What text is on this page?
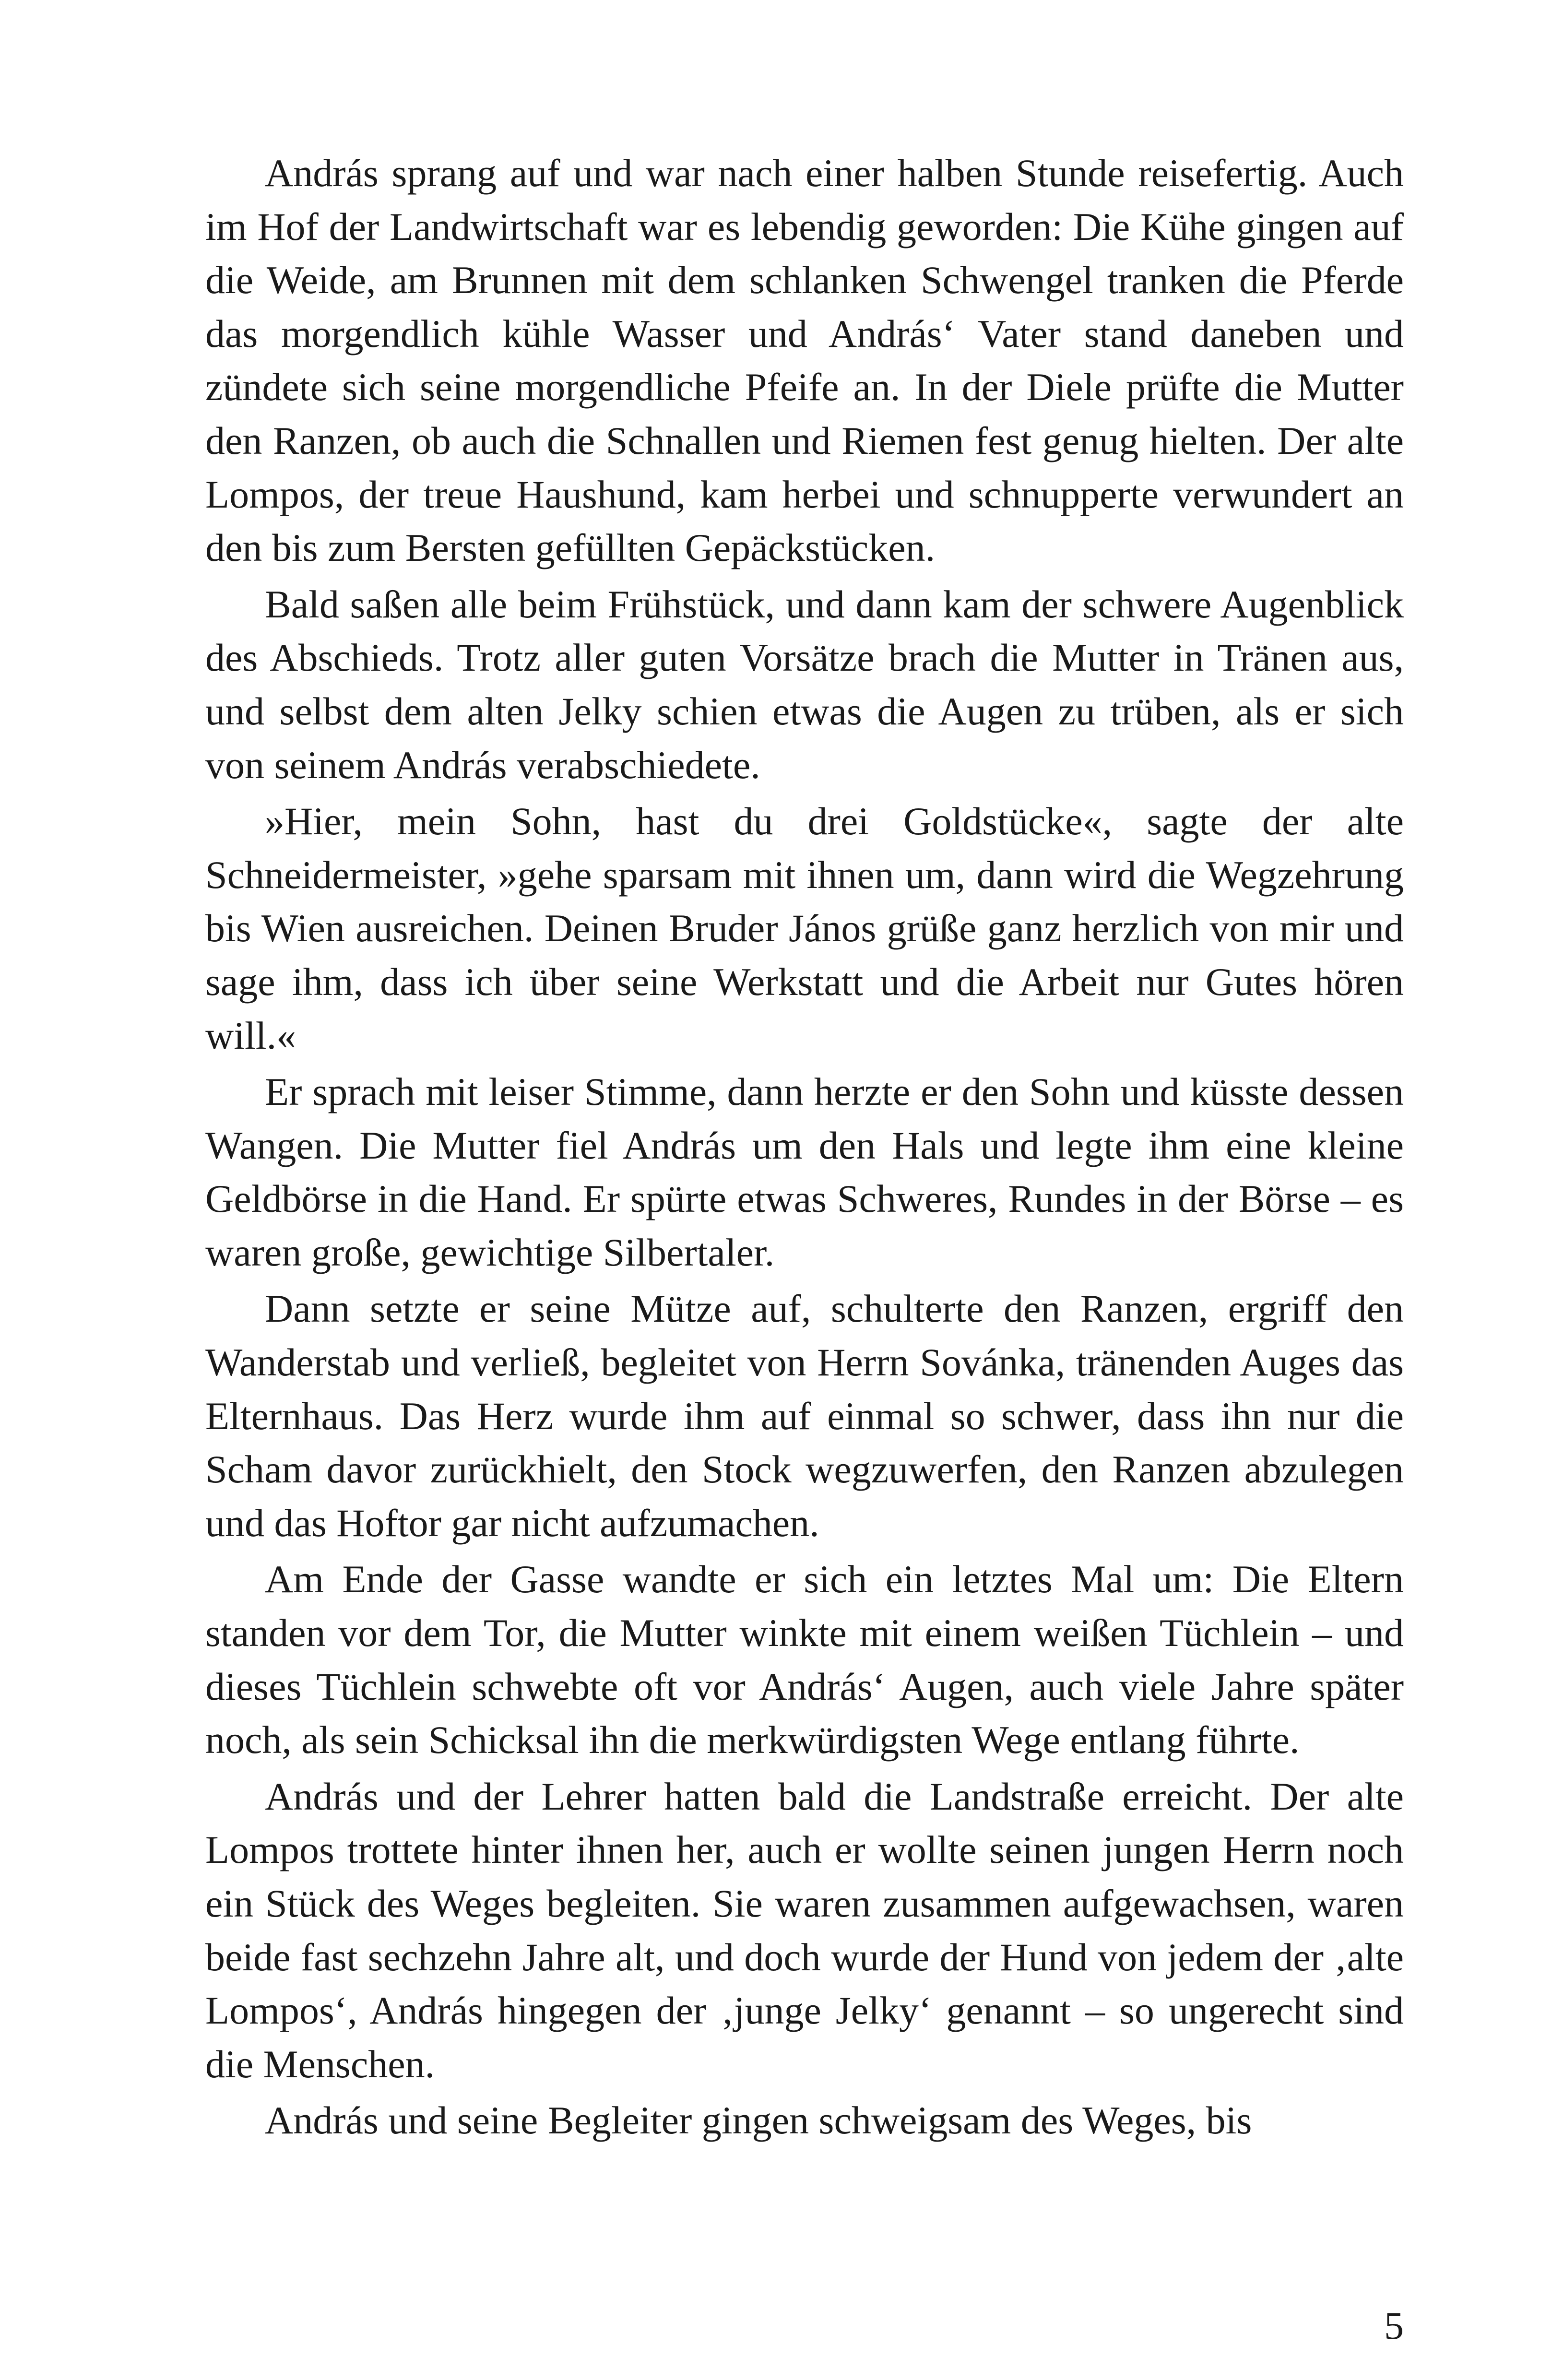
András sprang auf und war nach einer halben Stunde reisefertig. Auch im Hof der Landwirtschaft war es lebendig geworden: Die Kühe gingen auf die Weide, am Brunnen mit dem schlanken Schwengel tranken die Pferde das morgendlich kühle Wasser und András‘ Vater stand daneben und zündete sich seine morgendliche Pfeife an. In der Diele prüfte die Mutter den Ranzen, ob auch die Schnallen und Riemen fest genug hielten. Der alte Lompos, der treue Haushund, kam herbei und schnupperte verwundert an den bis zum Bersten gefüllten Gepäckstücken.

Bald saßen alle beim Frühstück, und dann kam der schwere Augenblick des Abschieds. Trotz aller guten Vorsätze brach die Mutter in Tränen aus, und selbst dem alten Jelky schien etwas die Augen zu trüben, als er sich von seinem András verabschiedete.

»Hier, mein Sohn, hast du drei Goldstücke«, sagte der alte Schneidermeister, »gehe sparsam mit ihnen um, dann wird die Wegzehrung bis Wien ausreichen. Deinen Bruder János grüße ganz herzlich von mir und sage ihm, dass ich über seine Werkstatt und die Arbeit nur Gutes hören will.«

Er sprach mit leiser Stimme, dann herzte er den Sohn und küsste dessen Wangen. Die Mutter fiel András um den Hals und legte ihm eine kleine Geldbörse in die Hand. Er spürte etwas Schweres, Rundes in der Börse – es waren große, gewichtige Silbertaler.

Dann setzte er seine Mütze auf, schulterte den Ranzen, ergriff den Wanderstab und verließ, begleitet von Herrn Sovánka, tränenden Auges das Elternhaus. Das Herz wurde ihm auf einmal so schwer, dass ihn nur die Scham davor zurückhielt, den Stock wegzuwerfen, den Ranzen abzulegen und das Hoftor gar nicht aufzumachen.

Am Ende der Gasse wandte er sich ein letztes Mal um: Die Eltern standen vor dem Tor, die Mutter winkte mit einem weißen Tüchlein – und dieses Tüchlein schwebte oft vor András‘ Augen, auch viele Jahre später noch, als sein Schicksal ihn die merkwürdigsten Wege entlang führte.

András und der Lehrer hatten bald die Landstraße erreicht. Der alte Lompos trottete hinter ihnen her, auch er wollte seinen jungen Herrn noch ein Stück des Weges begleiten. Sie waren zusammen aufgewachsen, waren beide fast sechzehn Jahre alt, und doch wurde der Hund von jedem der ‚alte Lompos‘, András hingegen der ‚junge Jelky‘ genannt – so ungerecht sind die Menschen.

András und seine Begleiter gingen schweigsam des Weges, bis

5
